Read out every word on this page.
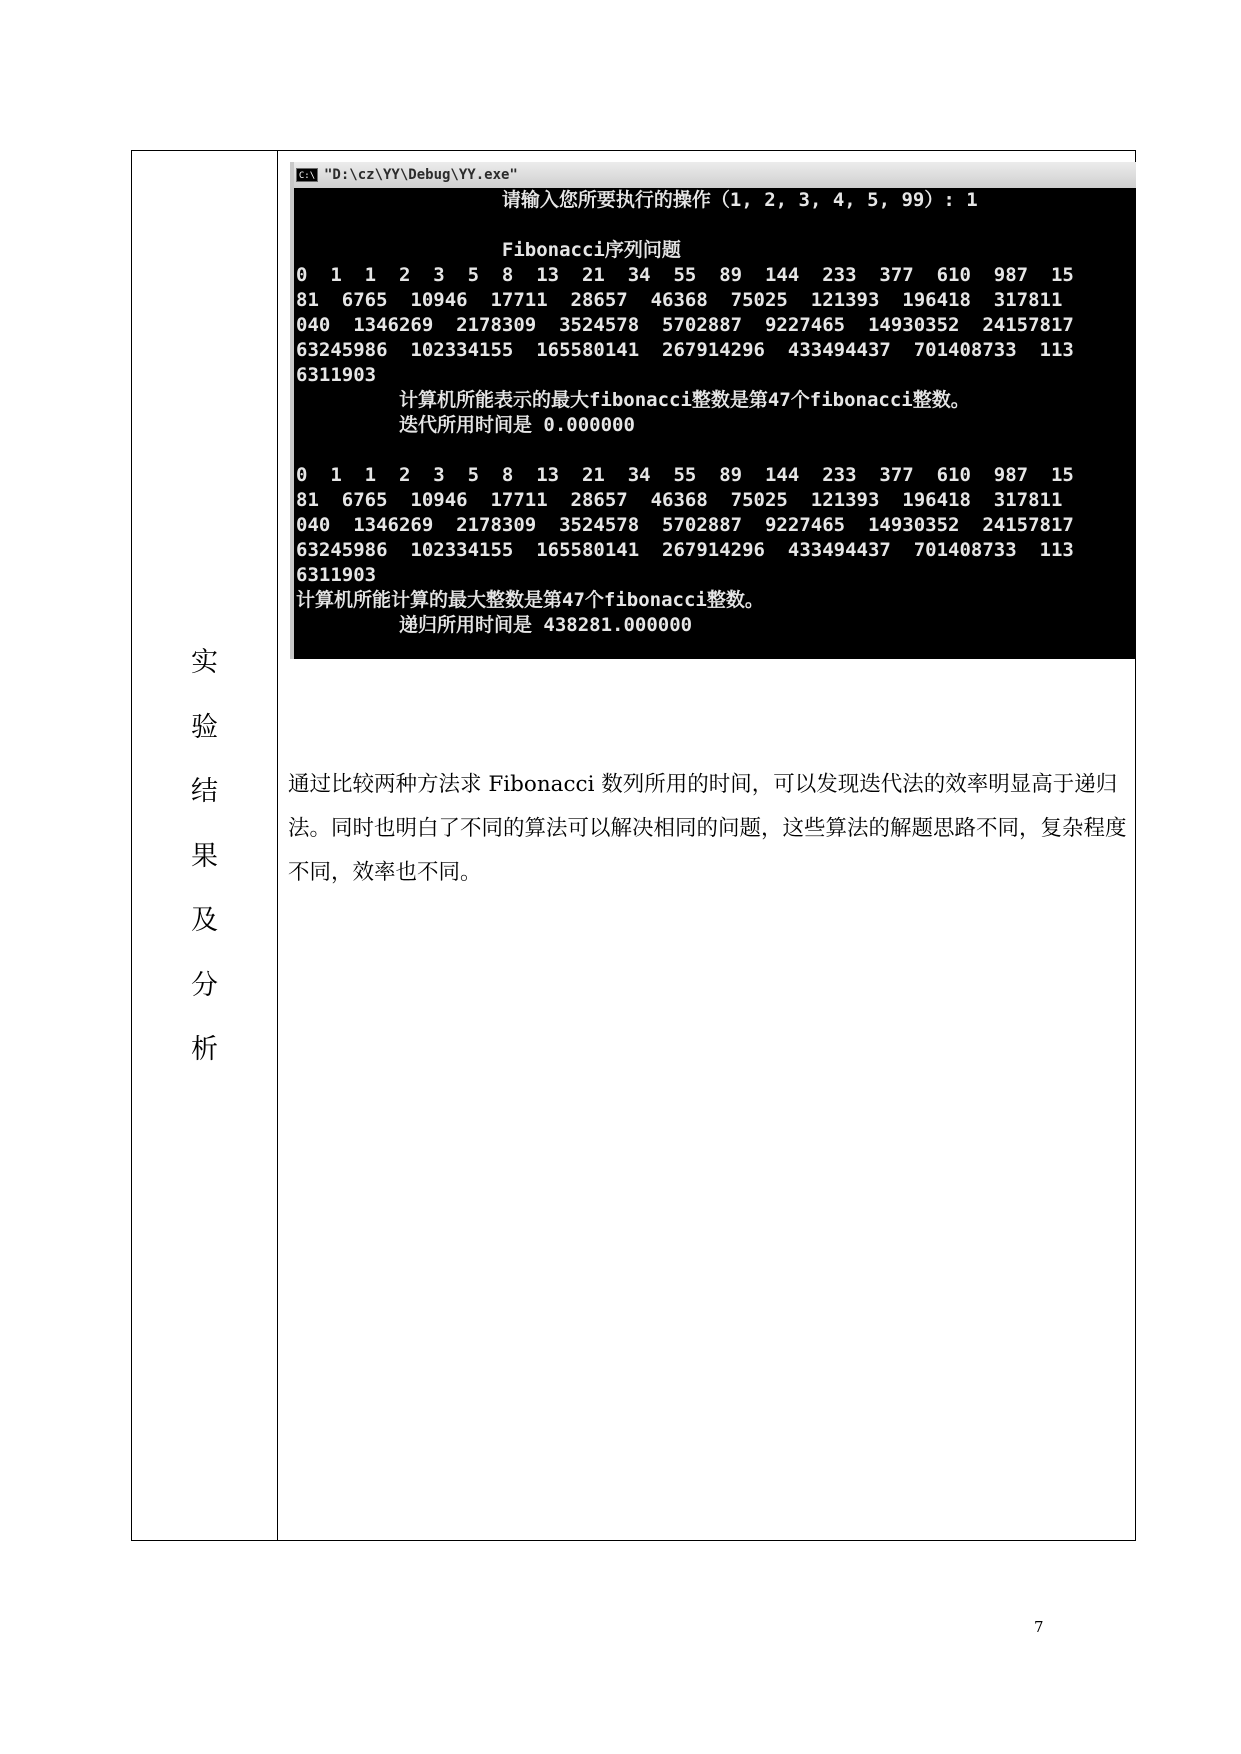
实
验
结
果
及
分
析
C:\ "D:\cz\YY\Debug\YY.exe"
请输入您所要执行的操作（1, 2, 3, 4, 5, 99）: 1
Fibonacci序列问题
0  1  1  2  3  5  8  13  21  34  55  89  144  233  377  610  987  15
81  6765  10946  17711  28657  46368  75025  121393  196418  317811
040  1346269  2178309  3524578  5702887  9227465  14930352  24157817
63245986  102334155  165580141  267914296  433494437  701408733  113
6311903
计算机所能表示的最大fibonacci整数是第47个fibonacci整数。
迭代所用时间是 0.000000
0  1  1  2  3  5  8  13  21  34  55  89  144  233  377  610  987  15
81  6765  10946  17711  28657  46368  75025  121393  196418  317811
040  1346269  2178309  3524578  5702887  9227465  14930352  24157817
63245986  102334155  165580141  267914296  433494437  701408733  113
6311903
计算机所能计算的最大整数是第47个fibonacci整数。
递归所用时间是 438281.000000

通过比较两种方法求 Fibonacci 数列所用的时间，可以发现迭代法的效率明显高于递归法。同时也明白了不同的算法可以解决相同的问题，这些算法的解题思路不同，复杂程度不同，效率也不同。

7
